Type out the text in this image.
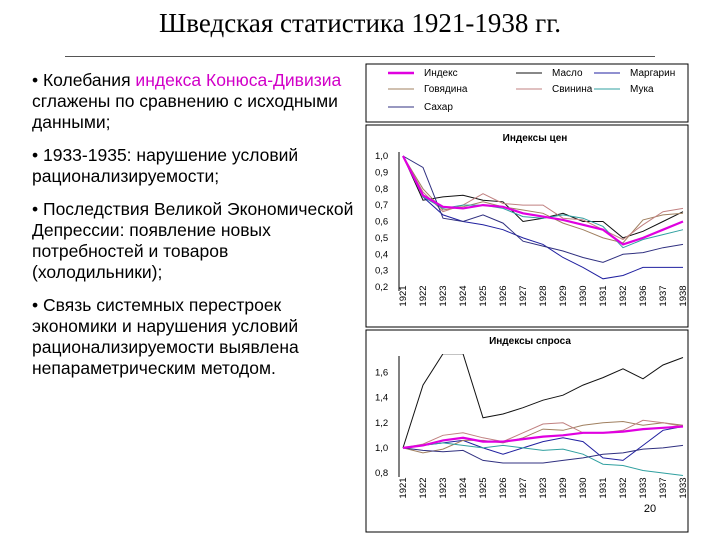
Шведская статистика 1921-1938 гг.
• Колебания индекса Конюса-Дивизиа сглажены по сравнению с исходными данными;
• 1933-1935: нарушение условий рационализируемости;
• Последствия Великой Экономической Депрессии: появление новых потребностей и товаров (холодильники);
• Связь системных перестроек экономики и нарушения условий рационализируемости выявлена непараметрическим методом.
Индекс	Масло	Маргарин
Говядина	Свинина	Мука
Сахар
Индексы цен
1,0
0,9
0,8
0,7
0,6
0,5
0,4
0,3
0,2 1921 1922 1923 1924 1925 1926 1927 1928 1929 1930 1931 1932 1936 1937 1938
Индексы спроса
1,6
1,4
1,2
1,0
0,8
1921 1922 1923 1924 1925 1926 1927 1923 1929 1930 1931 1932 1933 1937 1933
20
